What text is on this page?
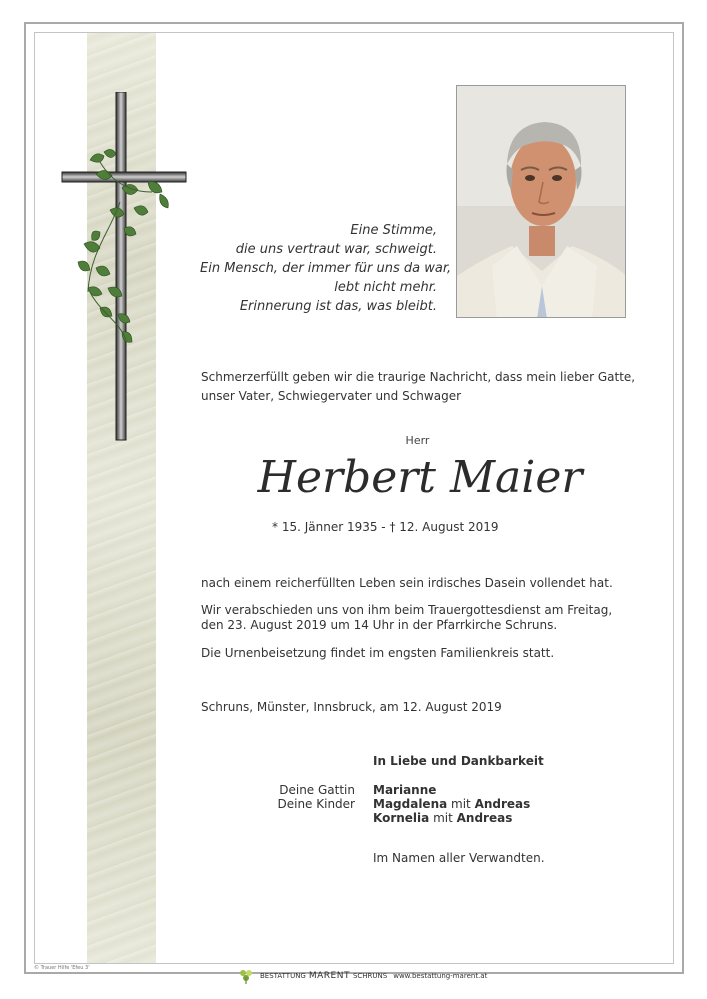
Eine Stimme,
die uns vertraut war, schweigt.
Ein Mensch, der immer für uns da war,
lebt nicht mehr.
Erinnerung ist das, was bleibt.
Schmerzerfüllt geben wir die traurige Nachricht, dass mein lieber Gatte,
unser Vater, Schwiegervater und Schwager
Herr
Herbert Maier
* 15. Jänner 1935 - † 12. August 2019
nach einem reicherfüllten Leben sein irdisches Dasein vollendet hat.
Wir verabschieden uns von ihm beim Trauergottesdienst am Freitag,
den 23. August 2019 um 14 Uhr in der Pfarrkirche Schruns.
Die Urnenbeisetzung findet im engsten Familienkreis statt.
Schruns, Münster, Innsbruck, am 12. August 2019
In Liebe und Dankbarkeit
Deine Gattin Marianne
Deine Kinder Magdalena mit Andreas
Kornelia mit Andreas
Im Namen aller Verwandten.
© Trauer Hilfe 'Efeu 3'
BESTATTUNG MARENT SCHRUNS www.bestattung-marent.at
